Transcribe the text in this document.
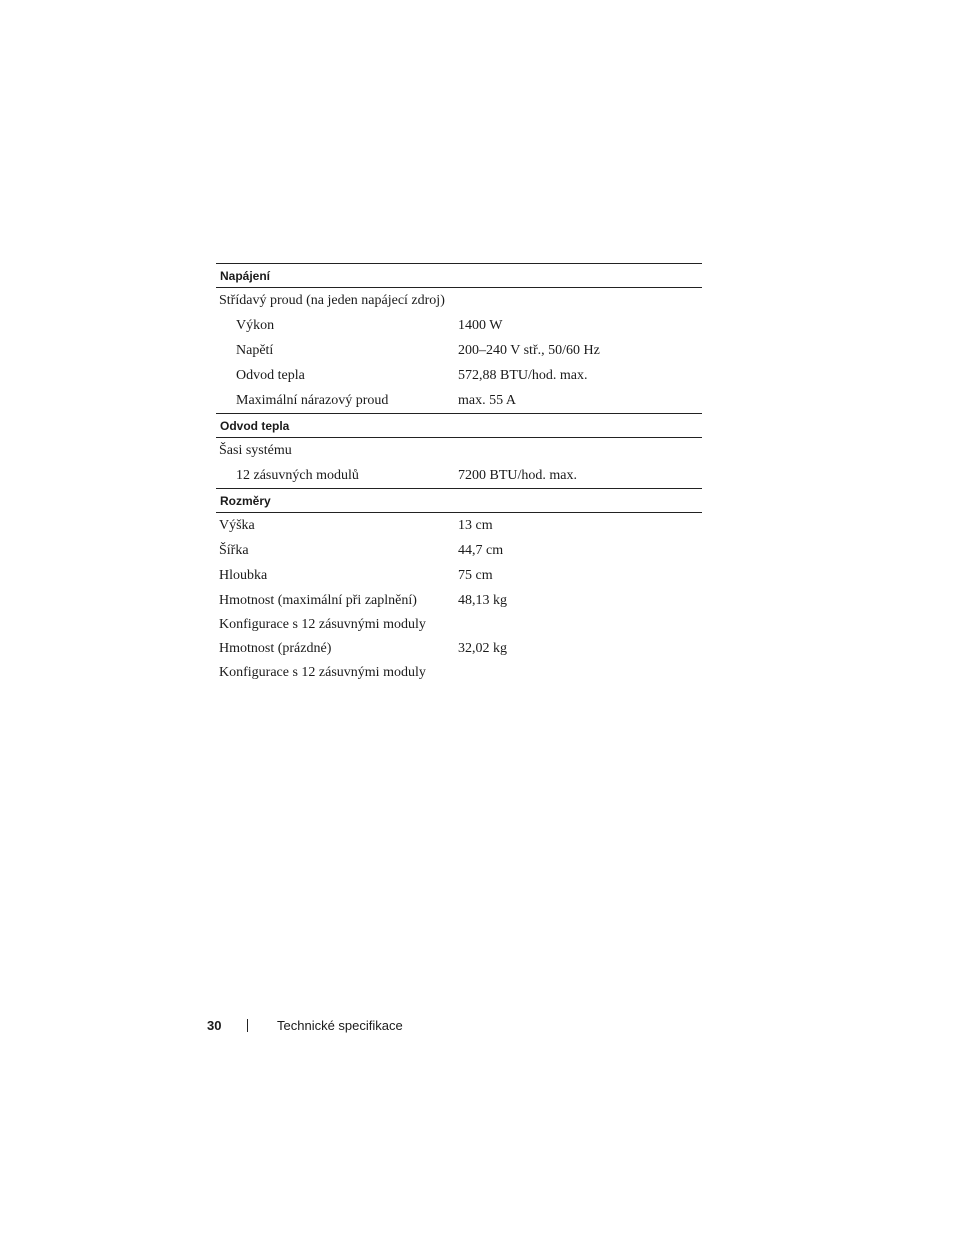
Napájení
Střídavý proud (na jeden napájecí zdroj)
Výkon	1400 W
Napětí	200–240 V stř., 50/60 Hz
Odvod tepla	572,88 BTU/hod. max.
Maximální nárazový proud	max. 55 A
Odvod tepla
Šasi systému
12 zásuvných modulů	7200 BTU/hod. max.
Rozměry
Výška	13 cm
Šířka	44,7 cm
Hloubka	75 cm
Hmotnost (maximální při zaplnění)	48,13 kg
Konfigurace s 12 zásuvnými moduly
Hmotnost (prázdné)	32,02 kg
Konfigurace s 12 zásuvnými moduly
30	Technické specifikace
